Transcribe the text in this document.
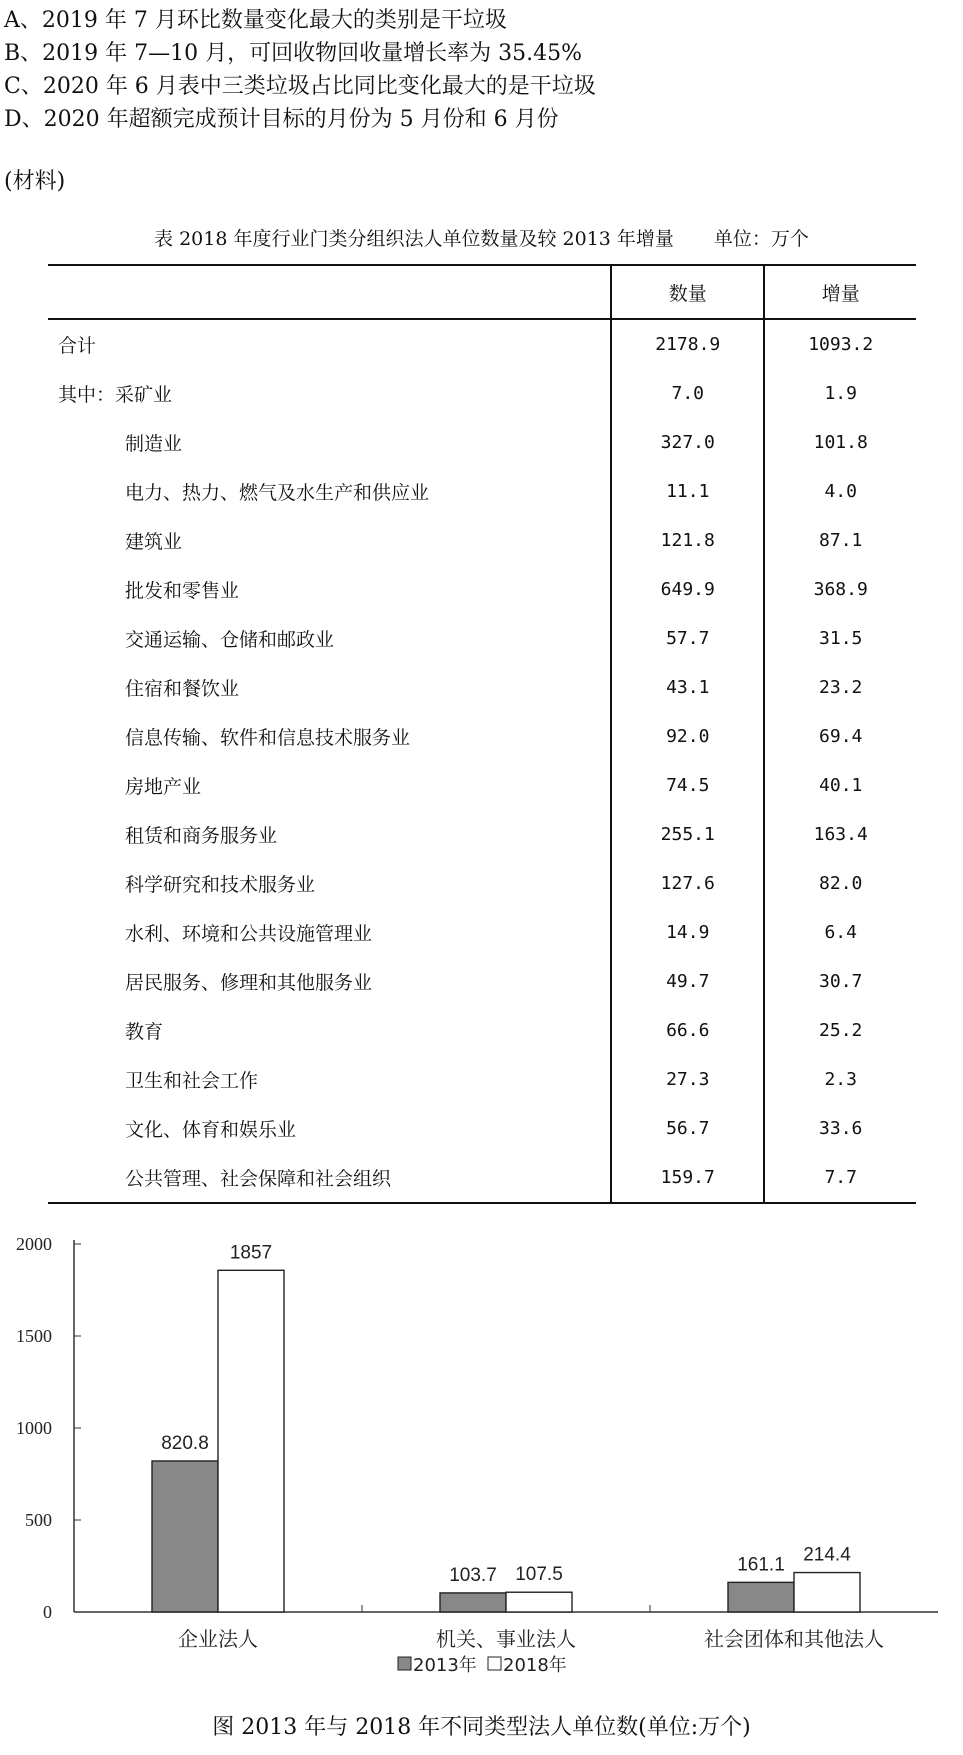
A、2019 年 7 月环比数量变化最大的类别是干垃圾
B、2019 年 7—10 月，可回收物回收量增长率为 35.45%
C、2020 年 6 月表中三类垃圾占比同比变化最大的是干垃圾
D、2020 年超额完成预计目标的月份为 5 月份和 6 月份
(材料)
表 2018 年度行业门类分组织法人单位数量及较 2013 年增量 单位：万个
	数量	增量
合计	2178.9	1093.2
其中：采矿业	7.0	1.9
制造业	327.0	101.8
电力、热力、燃气及水生产和供应业	11.1	4.0
建筑业	121.8	87.1
批发和零售业	649.9	368.9
交通运输、仓储和邮政业	57.7	31.5
住宿和餐饮业	43.1	23.2
信息传输、软件和信息技术服务业	92.0	69.4
房地产业	74.5	40.1
租赁和商务服务业	255.1	163.4
科学研究和技术服务业	127.6	82.0
水利、环境和公共设施管理业	14.9	6.4
居民服务、修理和其他服务业	49.7	30.7
教育	66.6	25.2
卫生和社会工作	27.3	2.3
文化、体育和娱乐业	56.7	33.6
公共管理、社会保障和社会组织	159.7	7.7
0
500
1000
1500
2000
820.8
1857
企业法人
103.7 107.5
机关、事业法人
161.1 214.4
社会团体和其他法人
2013年 2018年
图 2013 年与 2018 年不同类型法人单位数(单位:万个)
